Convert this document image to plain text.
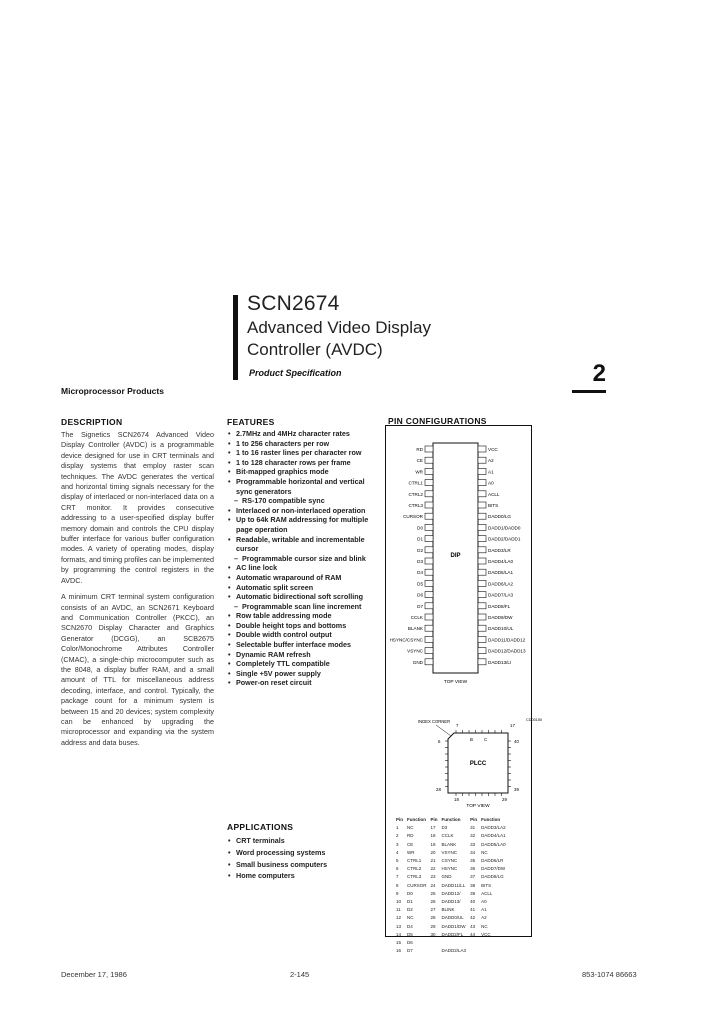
SCN2674
Advanced Video Display
Controller (AVDC)
Product Specification	2
Microprocessor Products
DESCRIPTION

The Signetics SCN2674 Advanced Video Display Controller (AVDC) is a programmable device designed for use in CRT terminals and display systems that employ raster scan techniques. The AVDC generates the vertical and horizontal timing signals necessary for the display of interlaced or non-interlaced data on a CRT monitor. It provides consecutive addressing to a user-specified display buffer memory domain and controls the CPU display buffer interface for various buffer configuration modes. A variety of operating modes, display formats, and timing profiles can be implemented by programming the control registers in the AVDC.

A minimum CRT terminal system configuration consists of an AVDC, an SCN2671 Keyboard and Communication Controller (PKCC), an SCN2670 Display Character and Graphics Generator (DCGG), an SCB2675 Color/Monochrome Attributes Controller (CMAC), a single-chip microcomputer such as the 8048, a display buffer RAM, and a small amount of TTL for miscellaneous address decoding, interface, and control. Typically, the package count for a minimum system is between 15 and 20 devices; system complexity can be enhanced by upgrading the microprocessor and expanding via the system address and data buses.

FEATURES
• 2.7MHz and 4MHz character rates
• 1 to 256 characters per row
• 1 to 16 raster lines per character row
• 1 to 128 character rows per frame
• Bit-mapped graphics mode
• Programmable horizontal and vertical sync generators
– RS-170 compatible sync
• Interlaced or non-interlaced operation
• Up to 64k RAM addressing for multiple page operation
• Readable, writable and incrementable cursor
– Programmable cursor size and blink
• AC line lock
• Automatic wraparound of RAM
• Automatic split screen
• Automatic bidirectional soft scrolling
– Programmable scan line increment
• Row table addressing mode
• Double height tops and bottoms
• Double width control output
• Selectable buffer interface modes
• Dynamic RAM refresh
• Completely TTL compatible
• Single +5V power supply
• Power-on reset circuit
APPLICATIONS
• CRT terminals
• Word processing systems
• Small business computers
• Home computers
PIN CONFIGURATIONS
RD
CE
WR
CTRL1
CTRL2
CTRL3
CURSOR
D0
D1
D2
D3
D4
D5
D6
D7
CCLK
BLANK
HSYNC/CSYNC
VSYNC
GND
VCC
A2
A1
A0
ACLL
BITS
DADD0/LG
DADD1/DADD0
DADD2/DADD1
DADD3/LR
DADD4/LA0
DADD5/LA1
DADD6/LA2
DADD7/LA3
DADD8/FL
DADD9/DW
DADD10/UL
DADD11/DADD12
DADD12/DADD13
DADD13/LI
DIP
TOP VIEW
PLCC
TOP VIEW
INDEX CORNER
6	40
39
29
18
28
17
7
B	C
CD00150
Pin	Function	Pin	Function	Pin	Function
1	NC	17	D3	31	DADD3/LA2
2	RD	18	CCLK	32	DADD4/LA1
3	CE	19	BLANK	33	DADD5/LA0
4	WR	20	VSYNC	34	NC
5	CTRL1	21	CSYNC	35	DADD6/LR
6	CTRL2	22	HSYNC	36	DADD7/DW
7	CTRL3	23	GND	37	DADD8/LG
8	CURSOR	24	DADD11/LL	38	BITS
9	D0	25	DADD12/	39	ACLL
10	D1	26	DADD13/	40	A0
11	D2	27	BLINK	41	A1
12	NC	28	DADD0/UL	42	A2
13	D4	29	DADD1/DW	43	NC
14	D5	30	DADD2/FL	44	VCC
15	D6				
16	D7		DADD2/LA3		
December 17, 1986	2-145	853-1074 86663
